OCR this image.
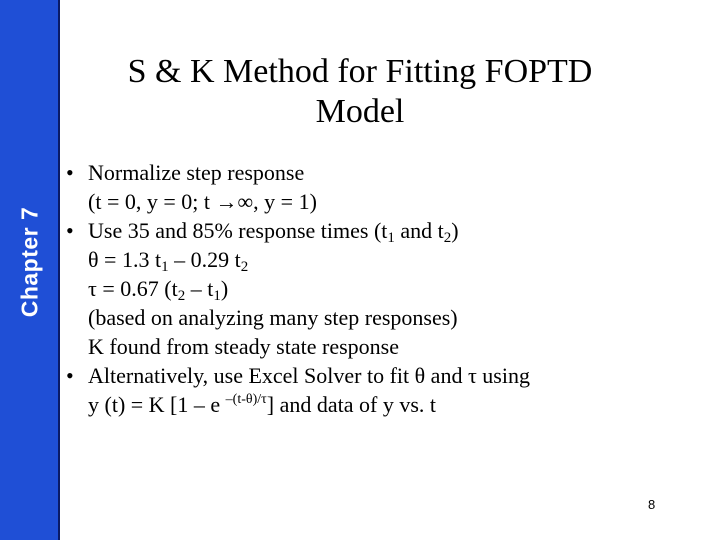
Chapter 7
S & K Method for Fitting FOPTD
Model
• Normalize step response
(t = 0, y = 0; t →∞, y = 1)
• Use 35 and 85% response times ($t_1$ and $t_2$)
θ = 1.3 $t_1 - 0.29$ $t_2$
τ = 0.67 $(t_2 - t_1)$
(based on analyzing many step responses)
K found from steady state response
• Alternatively, use Excel Solver to fit θ and τ using
y (t) = K [1 – e $^{-(t-\theta)/\tau}$] and data of y vs. t
8
